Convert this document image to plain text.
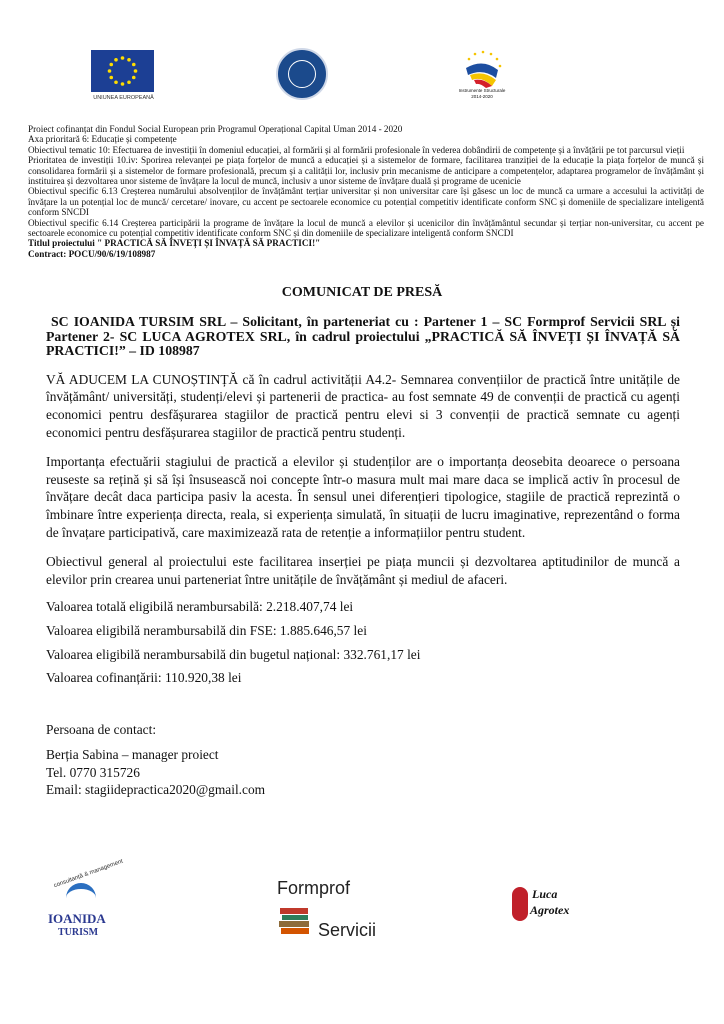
UNIUNEA EUROPEANĂ
Instrumente Structurale
2014-2020
Proiect cofinanțat din Fondul Social European prin Programul Operațional Capital Uman 2014 - 2020
Axa prioritară 6: Educație și competențe
Obiectivul tematic 10: Efectuarea de investiții în domeniul educației, al formării și al formării profesionale în vederea dobândirii de competențe și a învățării pe tot parcursul vieții
Prioritatea de investiții 10.iv: Sporirea relevanței pe piața forțelor de muncă a educației și a sistemelor de formare, facilitarea tranziției de la educație la piața forțelor de muncă și consolidarea formării și a sistemelor de formare profesională, precum și a calității lor, inclusiv prin mecanisme de anticipare a competențelor, adaptarea programelor de învățământ și instituirea și dezvoltarea unor sisteme de învățare la locul de muncă, inclusiv a unor sisteme de învățare duală și programe de ucenicie
Obiectivul specific 6.13 Creșterea numărului absolvenților de învățământ terțiar universitar și non universitar care își găsesc un loc de muncă ca urmare a accesului la activități de învățare la un potențial loc de muncă/ cercetare/ inovare, cu accent pe sectoarele economice cu potențial competitiv identificate conform SNC și domeniile de specializare inteligentă conform SNCDI
Obiectivul specific 6.14 Creșterea participării la programe de învățare la locul de muncă a elevilor și ucenicilor din învățământul secundar și terțiar non-universitar, cu accent pe sectoarele economice cu potențial competitiv identificate conform SNC și din domeniile de specializare inteligentă conform SNCDI
Titlul proiectului " PRACTICĂ SĂ ÎNVEȚI ȘI ÎNVAȚĂ SĂ PRACTICI!"
Contract: POCU/90/6/19/108987
COMUNICAT DE PRESĂ
SC IOANIDA TURSIM SRL – Solicitant, în parteneriat cu : Partener 1 – SC Formprof Servicii SRL și Partener 2- SC LUCA AGROTEX SRL, în cadrul proiectului „PRACTICĂ SĂ ÎNVEȚI ȘI ÎNVAȚĂ SĂ PRACTICI!” – ID 108987
VĂ ADUCEM LA CUNOȘTINȚĂ că în cadrul activității A4.2- Semnarea convențiilor de practică între unitățile de învățământ/ universități, studenți/elevi și partenerii de practica- au fost semnate 49 de convenții de practică cu agenți economici pentru desfășurarea stagiilor de practică pentru elevi si 3 convenții de practică semnate cu agenți economici pentru desfășurarea stagiilor de practică pentru studenți.
Importanța efectuării stagiului de practică a elevilor și studenților are o importanța deosebita deoarece o persoana reuseste sa rețină și să își însusească noi concepte într-o masura mult mai mare daca se implică activ în procesul de învățare decât daca participa pasiv la acesta. În sensul unei diferențieri tipologice, stagiile de practică reprezintă o îmbinare între experiența directa, reala, si experiența simulată, în situații de lucru imaginative, reprezentând o forma de învațare participativă, care maximizează rata de retenție a informațiilor pentru student.
Obiectivul general al proiectului este facilitarea inserției pe piața muncii și dezvoltarea aptitudinilor de muncă a elevilor prin crearea unui parteneriat între unitățile de învățământ și mediul de afaceri.
Valoarea totală eligibilă nerambursabilă: 2.218.407,74 lei
Valoarea eligibilă nerambursabilă din FSE: 1.885.646,57 lei
Valoarea eligibilă nerambursabilă din bugetul național: 332.761,17 lei
Valoarea cofinanțării: 110.920,38 lei
Persoana de contact:
Berția Sabina – manager proiect
Tel. 0770 315726
Email: stagiidepractica2020@gmail.com
consultanță & management
IOANIDA
TURISM
Formprof
Servicii
Luca
Agrotex
